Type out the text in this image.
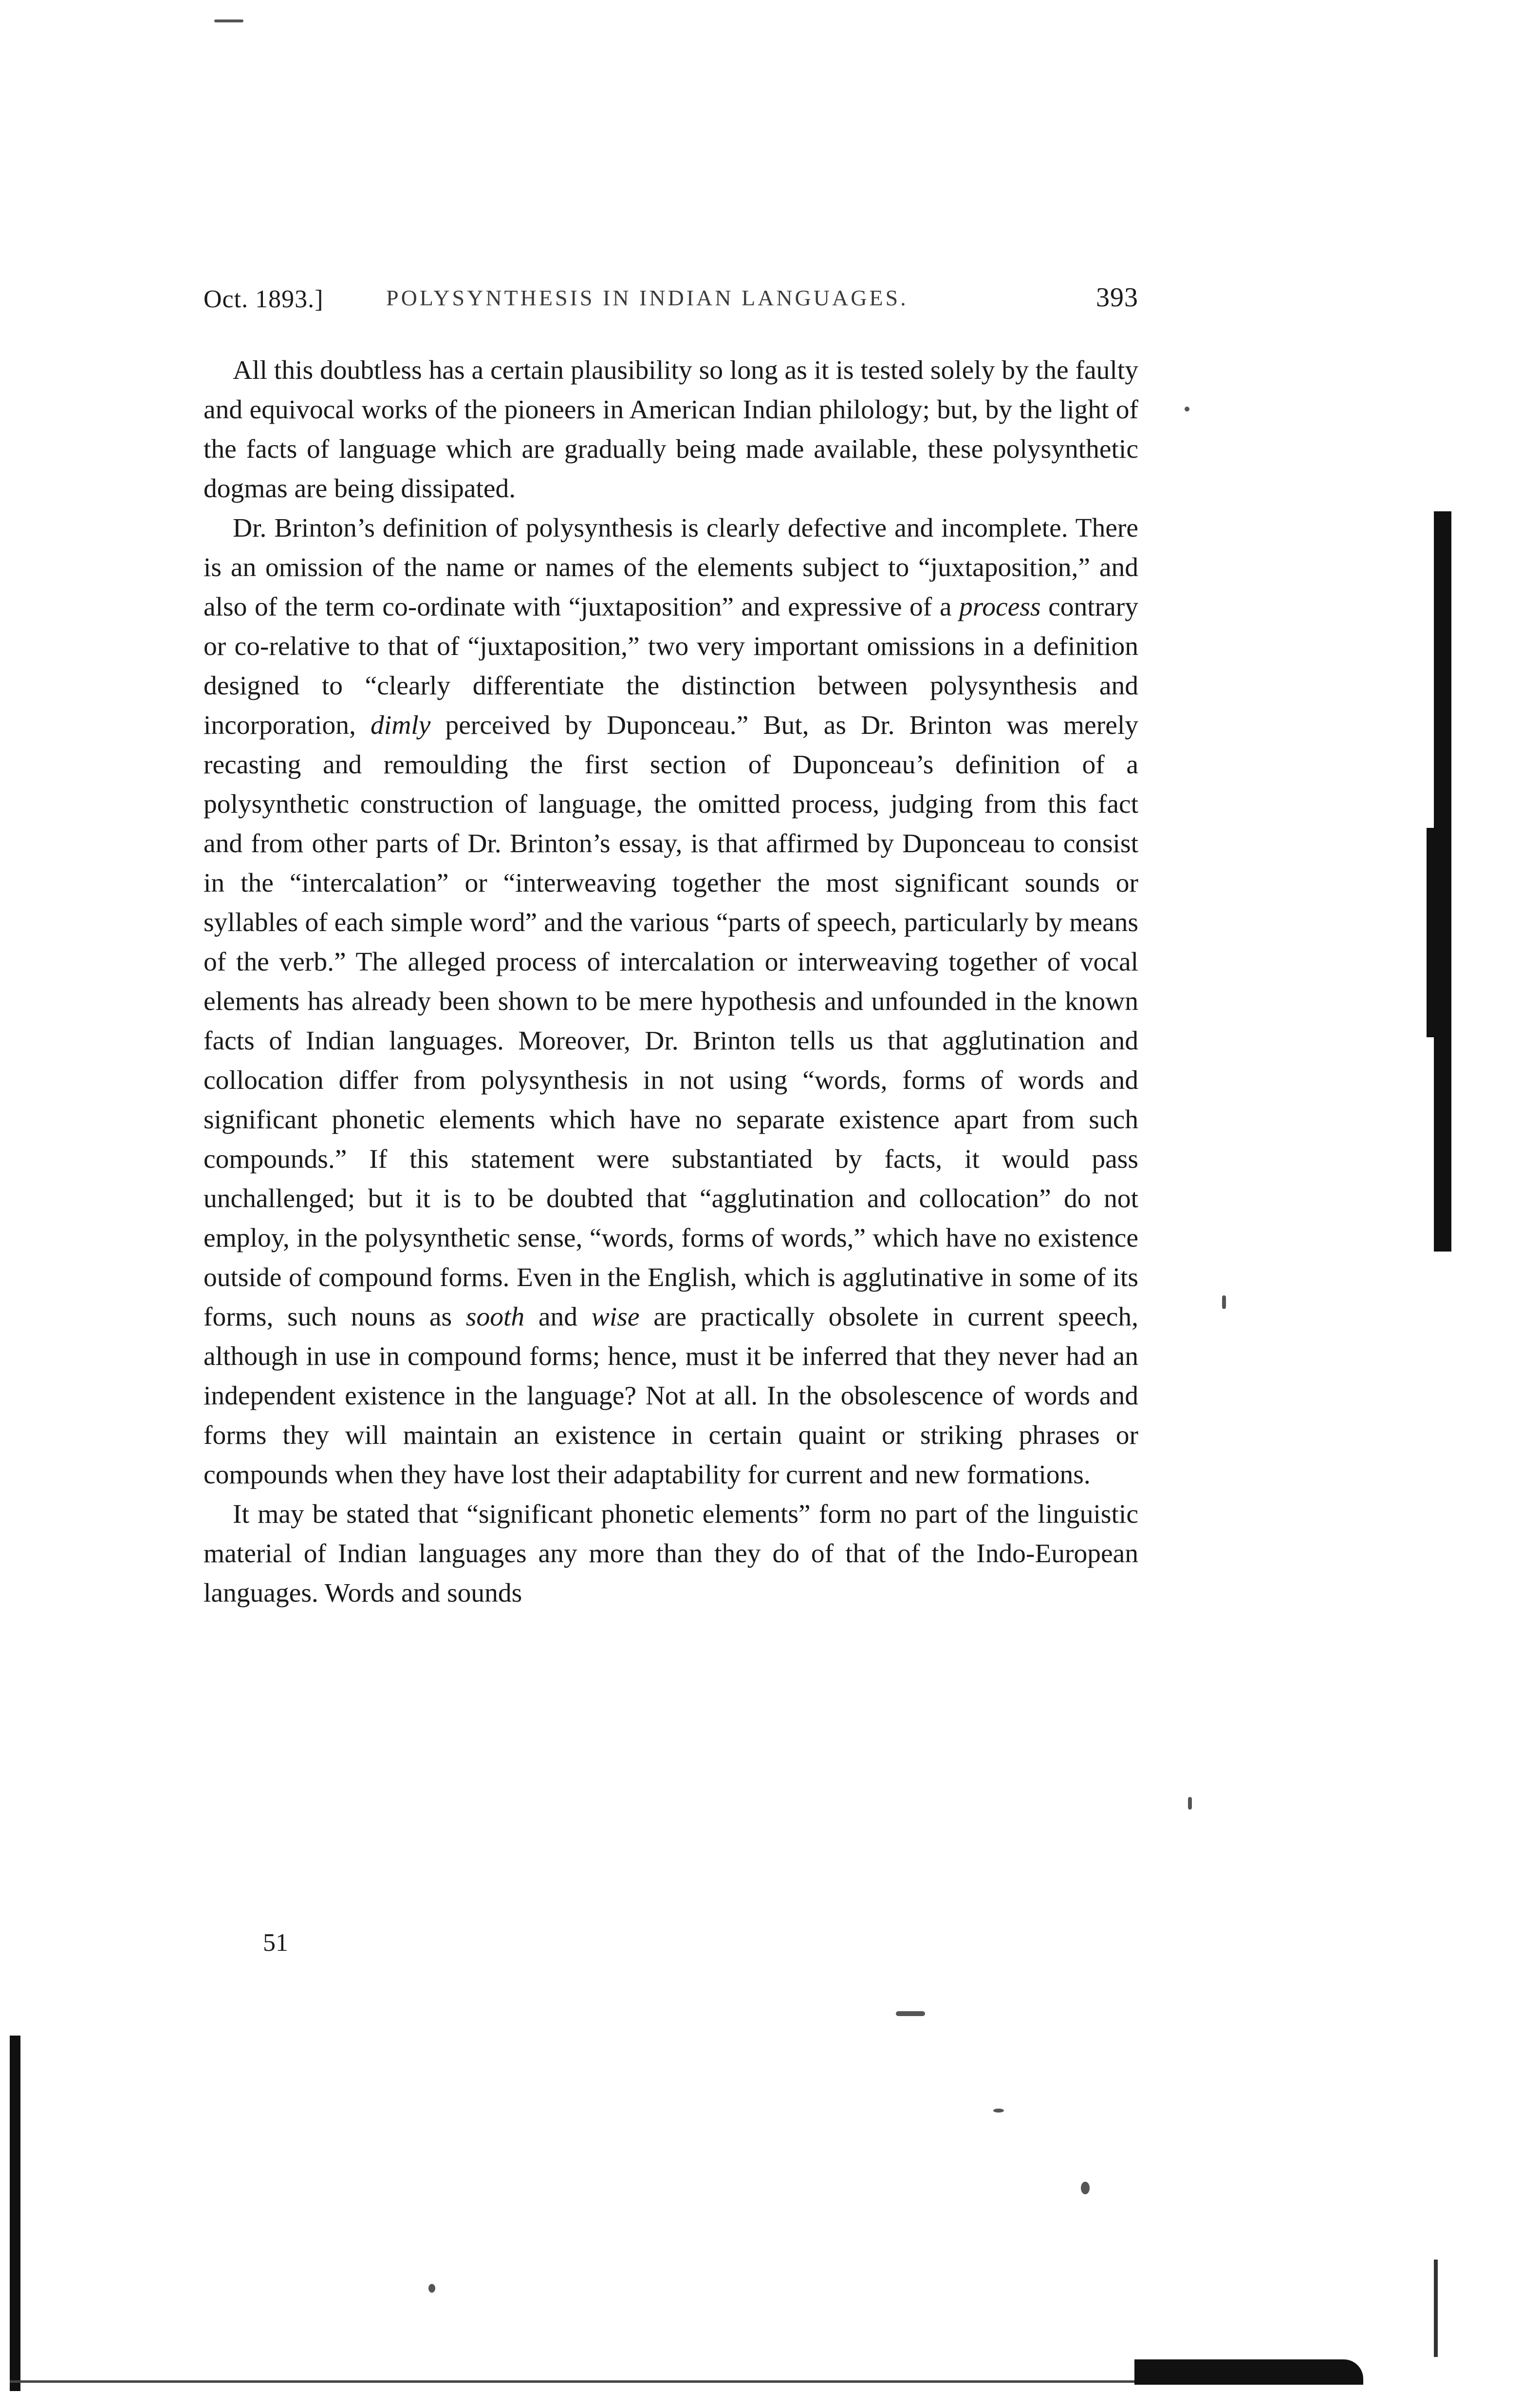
Oct. 1893.]	POLYSYNTHESIS IN INDIAN LANGUAGES.	393

All this doubtless has a certain plausibility so long as it is tested solely by the faulty and equivocal works of the pioneers in American Indian philology; but, by the light of the facts of language which are gradually being made available, these polysynthetic dogmas are being dissipated.

Dr. Brinton’s definition of polysynthesis is clearly defective and incomplete. There is an omission of the name or names of the elements subject to “juxtaposition,” and also of the term co-ordinate with “juxtaposition” and expressive of a process contrary or co-relative to that of “juxtaposition,” two very important omissions in a definition designed to “clearly differentiate the distinction between polysynthesis and incorporation, dimly perceived by Duponceau.” But, as Dr. Brinton was merely recasting and remoulding the first section of Duponceau’s definition of a polysynthetic construction of language, the omitted process, judging from this fact and from other parts of Dr. Brinton’s essay, is that affirmed by Duponceau to consist in the “intercalation” or “interweaving together the most significant sounds or syllables of each simple word” and the various “parts of speech, particularly by means of the verb.” The alleged process of intercalation or interweaving together of vocal elements has already been shown to be mere hypothesis and unfounded in the known facts of Indian languages. Moreover, Dr. Brinton tells us that agglutination and collocation differ from polysynthesis in not using “words, forms of words and significant phonetic elements which have no separate existence apart from such compounds.” If this statement were substantiated by facts, it would pass unchallenged; but it is to be doubted that “agglutination and collocation” do not employ, in the polysynthetic sense, “words, forms of words,” which have no existence outside of compound forms. Even in the English, which is agglutinative in some of its forms, such nouns as sooth and wise are practically obsolete in current speech, although in use in compound forms; hence, must it be inferred that they never had an independent existence in the language? Not at all. In the obsolescence of words and forms they will maintain an existence in certain quaint or striking phrases or compounds when they have lost their adaptability for current and new formations.

It may be stated that “significant phonetic elements” form no part of the linguistic material of Indian languages any more than they do of that of the Indo-European languages. Words and sounds

51
